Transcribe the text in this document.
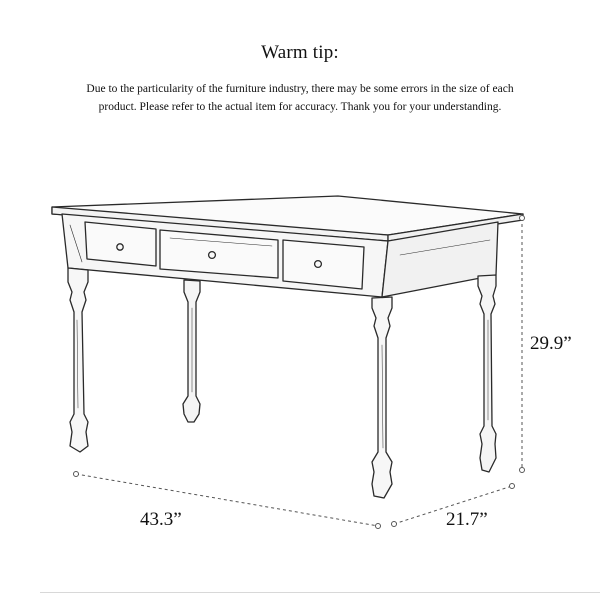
Warm tip:
Due to the particularity of the furniture industry, there may be some errors in the size of each
product. Please refer to the actual item for accuracy. Thank you for your understanding.
43.3”	21.7”
29.9”
